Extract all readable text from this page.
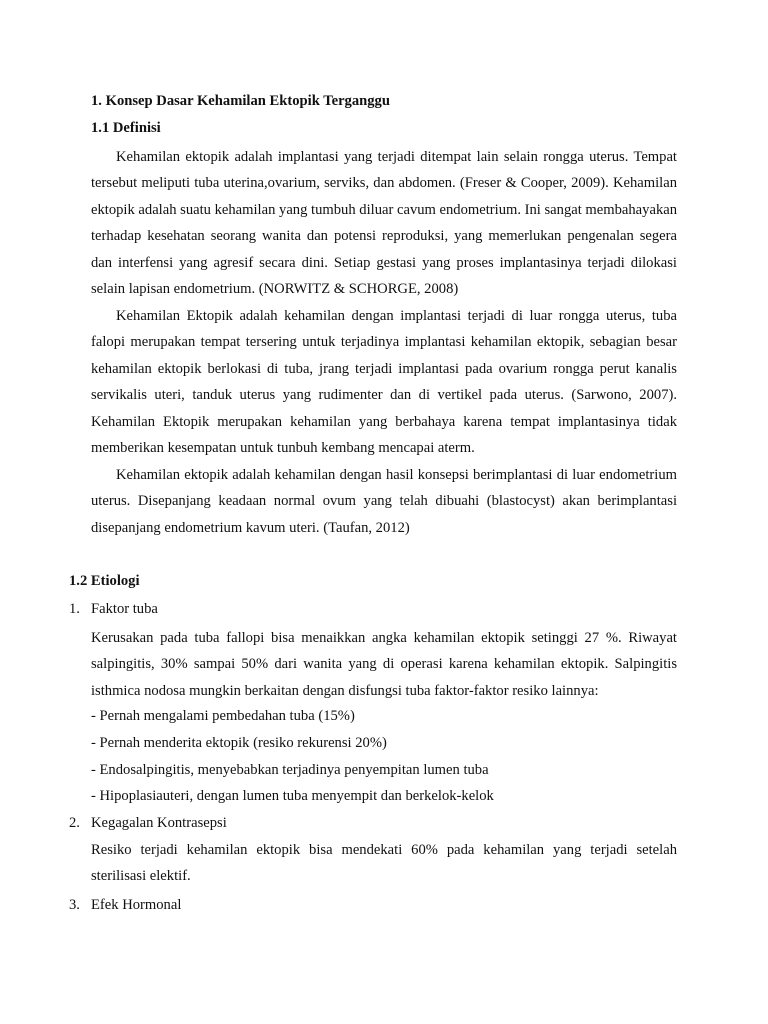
1. Konsep Dasar Kehamilan Ektopik Terganggu
1.1 Definisi
Kehamilan ektopik adalah implantasi yang terjadi ditempat lain selain rongga uterus. Tempat tersebut meliputi tuba uterina,ovarium, serviks, dan abdomen. (Freser & Cooper, 2009). Kehamilan ektopik adalah suatu kehamilan yang tumbuh diluar cavum endometrium. Ini sangat membahayakan terhadap kesehatan seorang wanita dan potensi reproduksi, yang memerlukan pengenalan segera dan interfensi yang agresif secara dini. Setiap gestasi yang proses implantasinya terjadi dilokasi selain lapisan endometrium. (NORWITZ & SCHORGE, 2008)
Kehamilan Ektopik adalah kehamilan dengan implantasi terjadi di luar rongga uterus, tuba falopi merupakan tempat tersering untuk terjadinya implantasi kehamilan ektopik, sebagian besar kehamilan ektopik berlokasi di tuba, jrang terjadi implantasi pada ovarium rongga perut kanalis servikalis uteri, tanduk uterus yang rudimenter dan di vertikel pada uterus. (Sarwono, 2007). Kehamilan Ektopik merupakan kehamilan yang berbahaya karena tempat implantasinya tidak memberikan kesempatan untuk tunbuh kembang mencapai aterm.
Kehamilan ektopik adalah kehamilan dengan hasil konsepsi berimplantasi di luar endometrium uterus. Disepanjang keadaan normal ovum yang telah dibuahi (blastocyst) akan berimplantasi disepanjang endometrium kavum uteri. (Taufan, 2012)
1.2 Etiologi
1. Faktor tuba
Kerusakan pada tuba fallopi bisa menaikkan angka kehamilan ektopik setinggi 27 %. Riwayat salpingitis, 30% sampai 50% dari wanita yang di operasi karena kehamilan ektopik. Salpingitis isthmica nodosa mungkin berkaitan dengan disfungsi tuba faktor-faktor resiko lainnya:
- Pernah mengalami pembedahan tuba (15%)
- Pernah menderita ektopik (resiko rekurensi 20%)
- Endosalpingitis, menyebabkan terjadinya penyempitan lumen tuba
- Hipoplasiauteri, dengan lumen tuba menyempit dan berkelok-kelok
2. Kegagalan Kontrasepsi
Resiko terjadi kehamilan ektopik bisa mendekati 60% pada kehamilan yang terjadi setelah sterilisasi elektif.
3. Efek Hormonal
